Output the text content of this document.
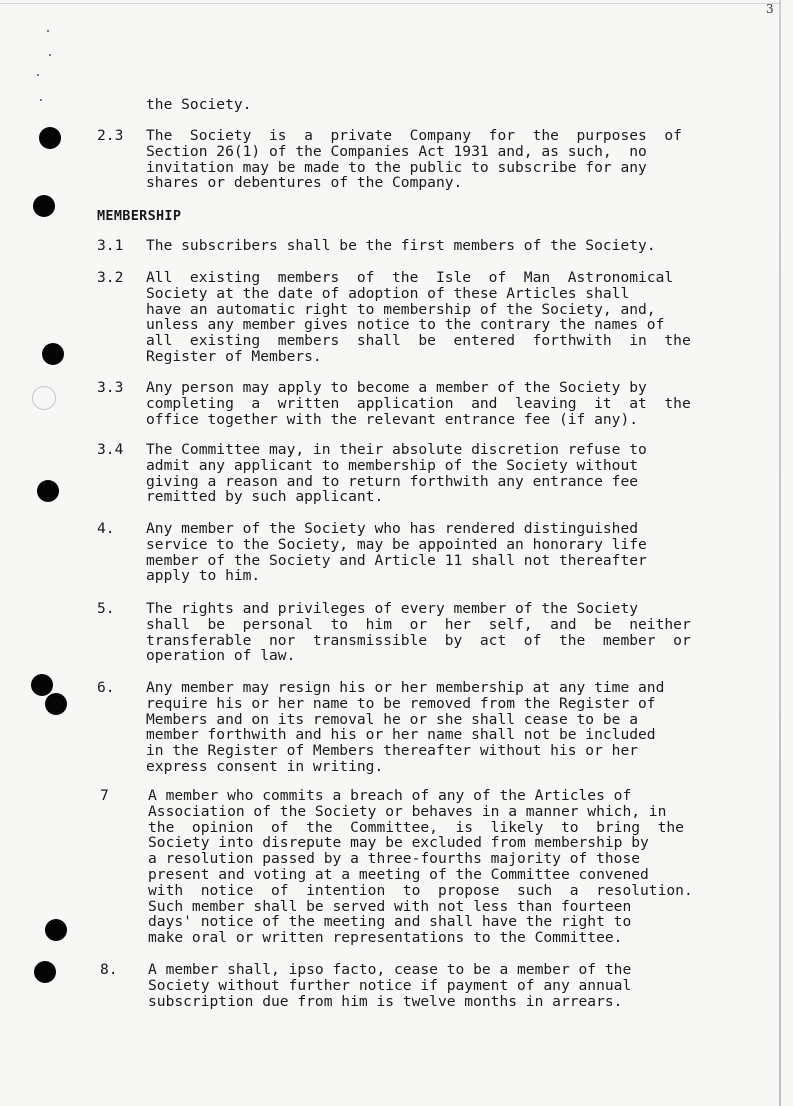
3
the Society.
MEMBERSHIP
2.3 The  Society  is  a  private  Company  for  the  purposes  of
Section 26(1) of the Companies Act 1931 and, as such,  no
invitation may be made to the public to subscribe for any
shares or debentures of the Company.
3.1 The subscribers shall be the first members of the Society.
3.2 All  existing  members  of  the  Isle  of  Man  Astronomical
Society at the date of adoption of these Articles shall
have an automatic right to membership of the Society, and,
unless any member gives notice to the contrary the names of
all  existing  members  shall  be  entered  forthwith  in  the
Register of Members.
3.3 Any person may apply to become a member of the Society by
completing  a  written  application  and  leaving  it  at  the
office together with the relevant entrance fee (if any).
3.4 The Committee may, in their absolute discretion refuse to
admit any applicant to membership of the Society without
giving a reason and to return forthwith any entrance fee
remitted by such applicant.
4. Any member of the Society who has rendered distinguished
service to the Society, may be appointed an honorary life
member of the Society and Article 11 shall not thereafter
apply to him.
5. The rights and privileges of every member of the Society
shall  be  personal  to  him  or  her  self,  and  be  neither
transferable  nor  transmissible  by  act  of  the  member  or
operation of law.
6. Any member may resign his or her membership at any time and
require his or her name to be removed from the Register of
Members and on its removal he or she shall cease to be a
member forthwith and his or her name shall not be included
in the Register of Members thereafter without his or her
express consent in writing.
7	A member who commits a breach of any of the Articles of
Association of the Society or behaves in a manner which, in
the  opinion  of  the  Committee,  is  likely  to  bring  the
Society into disrepute may be excluded from membership by
a resolution passed by a three-fourths majority of those
present and voting at a meeting of the Committee convened
with  notice  of  intention  to  propose  such  a  resolution.
Such member shall be served with not less than fourteen
days' notice of the meeting and shall have the right to
make oral or written representations to the Committee.
8. A member shall, ipso facto, cease to be a member of the
Society without further notice if payment of any annual
subscription due from him is twelve months in arrears.
